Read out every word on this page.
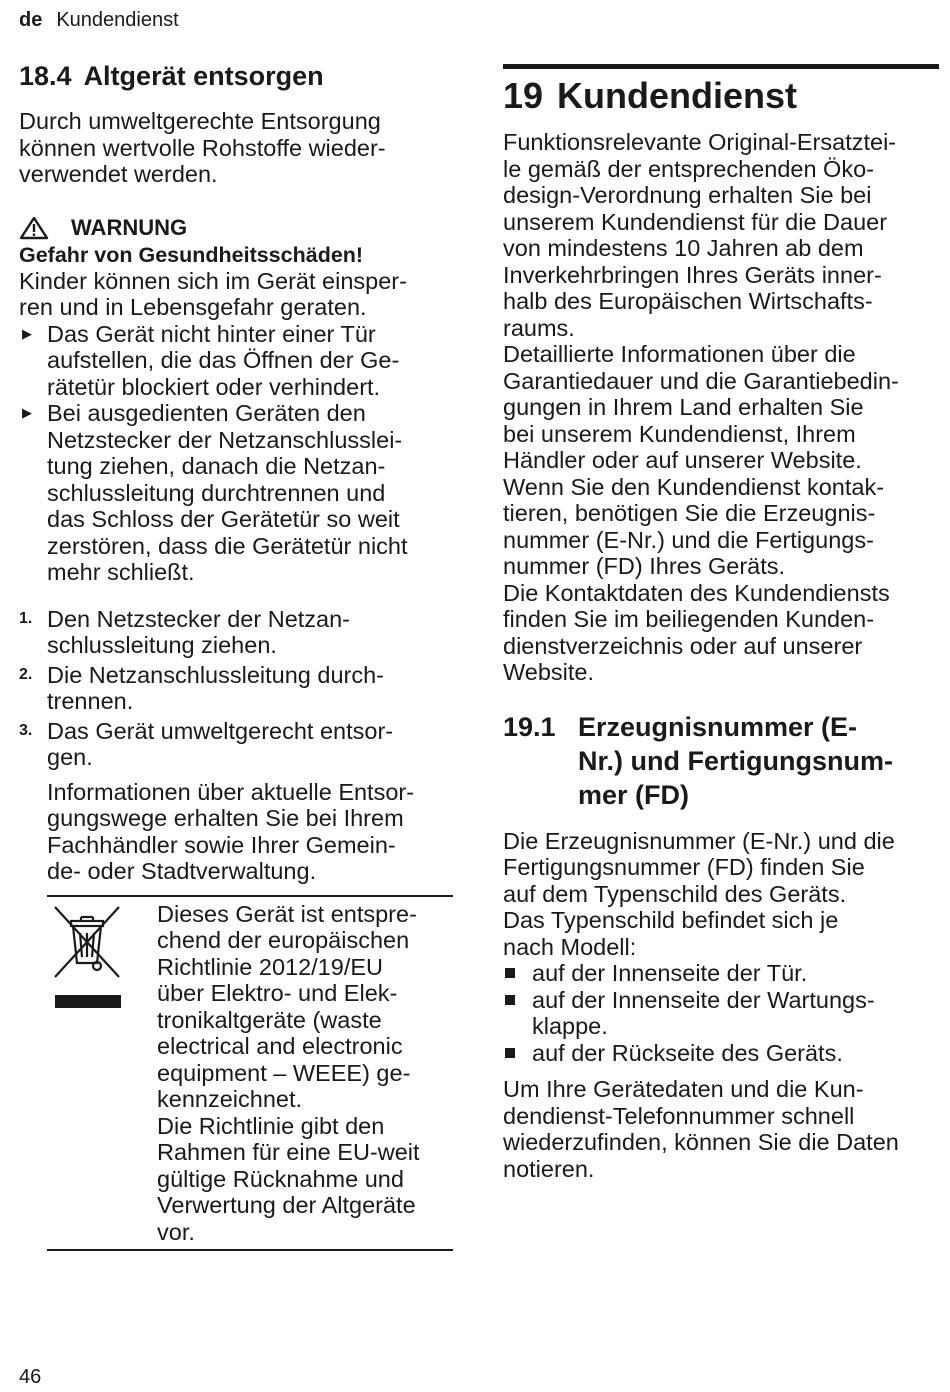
de Kundendienst
18.4 Altgerät entsorgen

Durch umweltgerechte Entsorgung

können wertvolle Rohstoffe wieder-

verwendet werden.

WARNUNG

Gefahr von Gesundheitsschäden!

Kinder können sich im Gerät einsper-

ren und in Lebensgefahr geraten.

▶ Das Gerät nicht hinter einer Tür

aufstellen, die das Öffnen der Ge-

rätetür blockiert oder verhindert.

▶ Bei ausgedienten Geräten den

Netzstecker der Netzanschlusslei-

tung ziehen, danach die Netzan-

schlussleitung durchtrennen und

das Schloss der Gerätetür so weit

zerstören, dass die Gerätetür nicht

mehr schließt.

1. Den Netzstecker der Netzan-

schlussleitung ziehen.

2. Die Netzanschlussleitung durch-

trennen.

3. Das Gerät umweltgerecht entsor-

gen.

Informationen über aktuelle Entsor-

gungswege erhalten Sie bei Ihrem

Fachhändler sowie Ihrer Gemein-

de- oder Stadtverwaltung.

Dieses Gerät ist entspre-

chend der europäischen

Richtlinie 2012/19/EU

über Elektro- und Elek-

tronikaltgeräte (waste

electrical and electronic

equipment – WEEE) ge-

kennzeichnet.

Die Richtlinie gibt den

Rahmen für eine EU-weit

gültige Rücknahme und

Verwertung der Altgeräte

vor.

19 Kundendienst

Funktionsrelevante Original-Ersatztei-

le gemäß der entsprechenden Öko-

design-Verordnung erhalten Sie bei

unserem Kundendienst für die Dauer

von mindestens 10 Jahren ab dem

Inverkehrbringen Ihres Geräts inner-

halb des Europäischen Wirtschafts-

raums.

Detaillierte Informationen über die

Garantiedauer und die Garantiebedin-

gungen in Ihrem Land erhalten Sie

bei unserem Kundendienst, Ihrem

Händler oder auf unserer Website.

Wenn Sie den Kundendienst kontak-

tieren, benötigen Sie die Erzeugnis-

nummer (E-Nr.) und die Fertigungs-

nummer (FD) Ihres Geräts.

Die Kontaktdaten des Kundendiensts

finden Sie im beiliegenden Kunden-

dienstverzeichnis oder auf unserer

Website.

19.1 Erzeugnisnummer (E-
Nr.) und Fertigungsnum-
mer (FD)

Die Erzeugnisnummer (E-Nr.) und die

Fertigungsnummer (FD) finden Sie

auf dem Typenschild des Geräts.

Das Typenschild befindet sich je

nach Modell:

auf der Innenseite der Tür.

auf der Innenseite der Wartungs-

klappe.

auf der Rückseite des Geräts.

Um Ihre Gerätedaten und die Kun-

dendienst-Telefonnummer schnell

wiederzufinden, können Sie die Daten

notieren.

46
